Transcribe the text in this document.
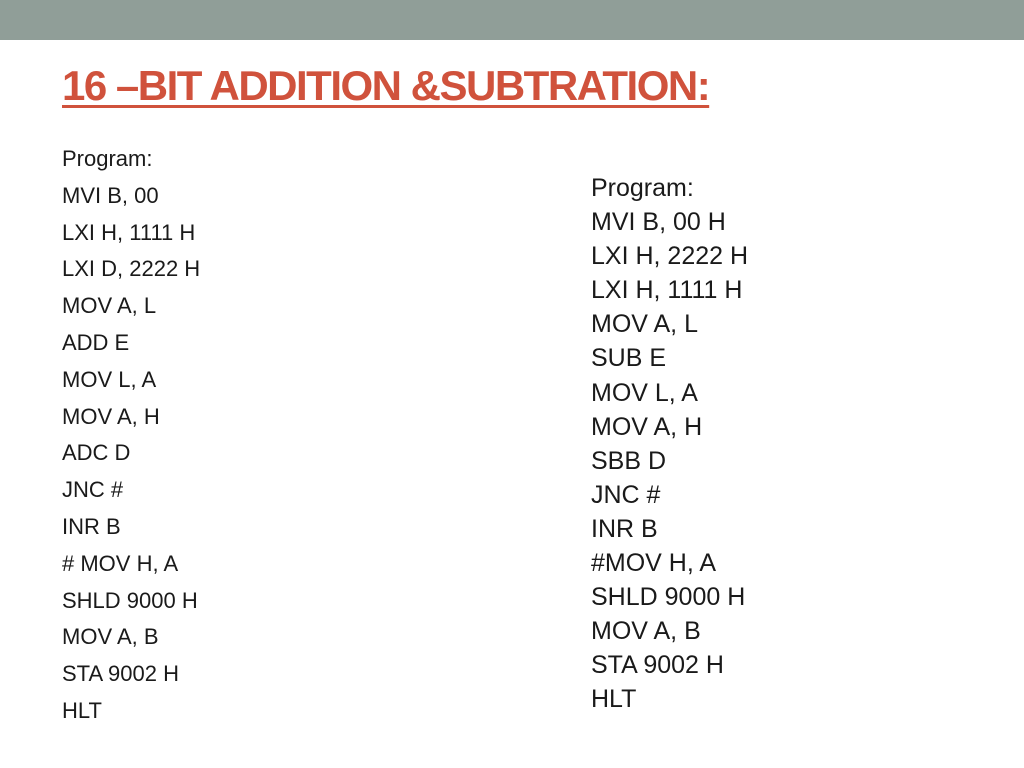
16 –BIT ADDITION &SUBTRATION:
Program:
MVI B, 00
LXI H, 1111 H
LXI D, 2222 H
MOV A, L
ADD E
MOV L, A
MOV A, H
ADC D
JNC #
INR B
# MOV H, A
SHLD 9000 H
MOV A, B
STA 9002 H
HLT
Program:
MVI B, 00 H
LXI H, 2222 H
LXI H, 1111 H
MOV A, L
SUB E
MOV L, A
MOV A, H
SBB D
JNC #
INR B
#MOV H, A
SHLD 9000 H
MOV A, B
STA 9002 H
HLT
